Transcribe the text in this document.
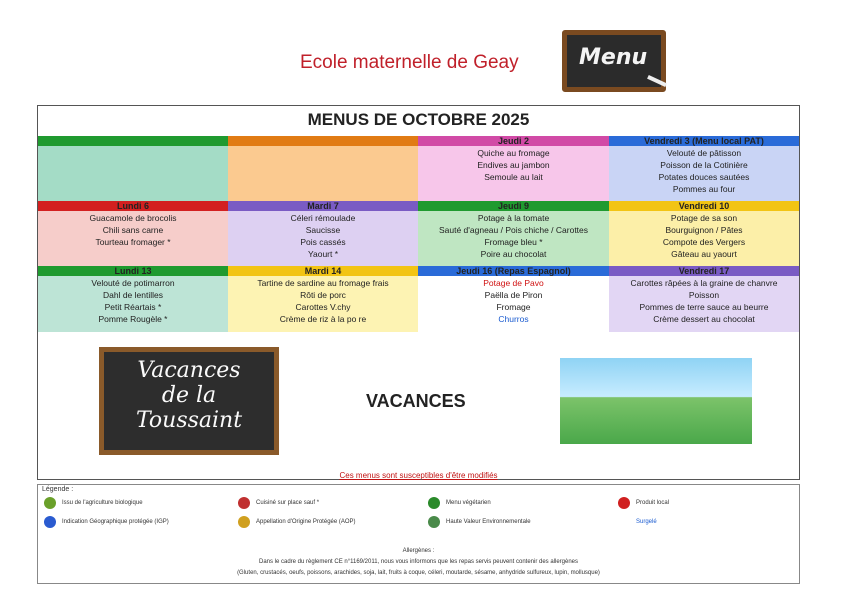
Ecole maternelle de Geay	Menu
MENUS DE OCTOBRE 2025
Jeudi 2
Quiche au fromage
Endives au jambon
Semoule au lait
Vendredi 3 (Menu local PAT)
Velouté de pâtisson
Poisson de la Cotinière
Potates douces sautées
Pommes au four
Lundi 6
Guacamole de brocolis
Chili sans carne
Tourteau fromager *
Mardi 7
Céleri rémoulade
Saucisse
Pois cassés
Yaourt *
Jeudi 9
Potage à la tomate
Sauté d'agneau / Pois chiche / Carottes
Fromage bleu *
Poire au chocolat
Vendredi 10
Potage de sa son
Bourguignon / Pâtes
Compote des Vergers
Gâteau au yaourt
Lundi 13
Velouté de potimarron
Dahl de lentilles
Petit Réartais *
Pomme Rougèle *
Mardi 14
Tartine de sardine au fromage frais
Rôti de porc
Carottes V.chy
Crème de riz à la po re
Jeudi 16 (Repas Espagnol)
Potage de Pavo
Paëlla de Piron
Fromage
Churros
Vendredi 17
Carottes râpées à la graine de chanvre
Poisson
Pommes de terre sauce au beurre
Crème dessert au chocolat
Vacances
de la
Toussaint
VACANCES
Ces menus sont susceptibles d'être modifiés
Légende :
Issu de l'agriculture biologique	Cuisiné sur place sauf *	Menu végétarien	Produit local
Indication Géographique protégée (IGP)	Appellation d'Origine Protégée (AOP)	Haute Valeur Environnementale	Surgelé
Allergènes :
Dans le cadre du règlement CE n°1169/2011, nous vous informons que les repas servis peuvent contenir des allergènes
(Gluten, crustacés, oeufs, poissons, arachides, soja, lait, fruits à coque, céleri, moutarde, sésame, anhydride sulfureux, lupin, mollusque)
